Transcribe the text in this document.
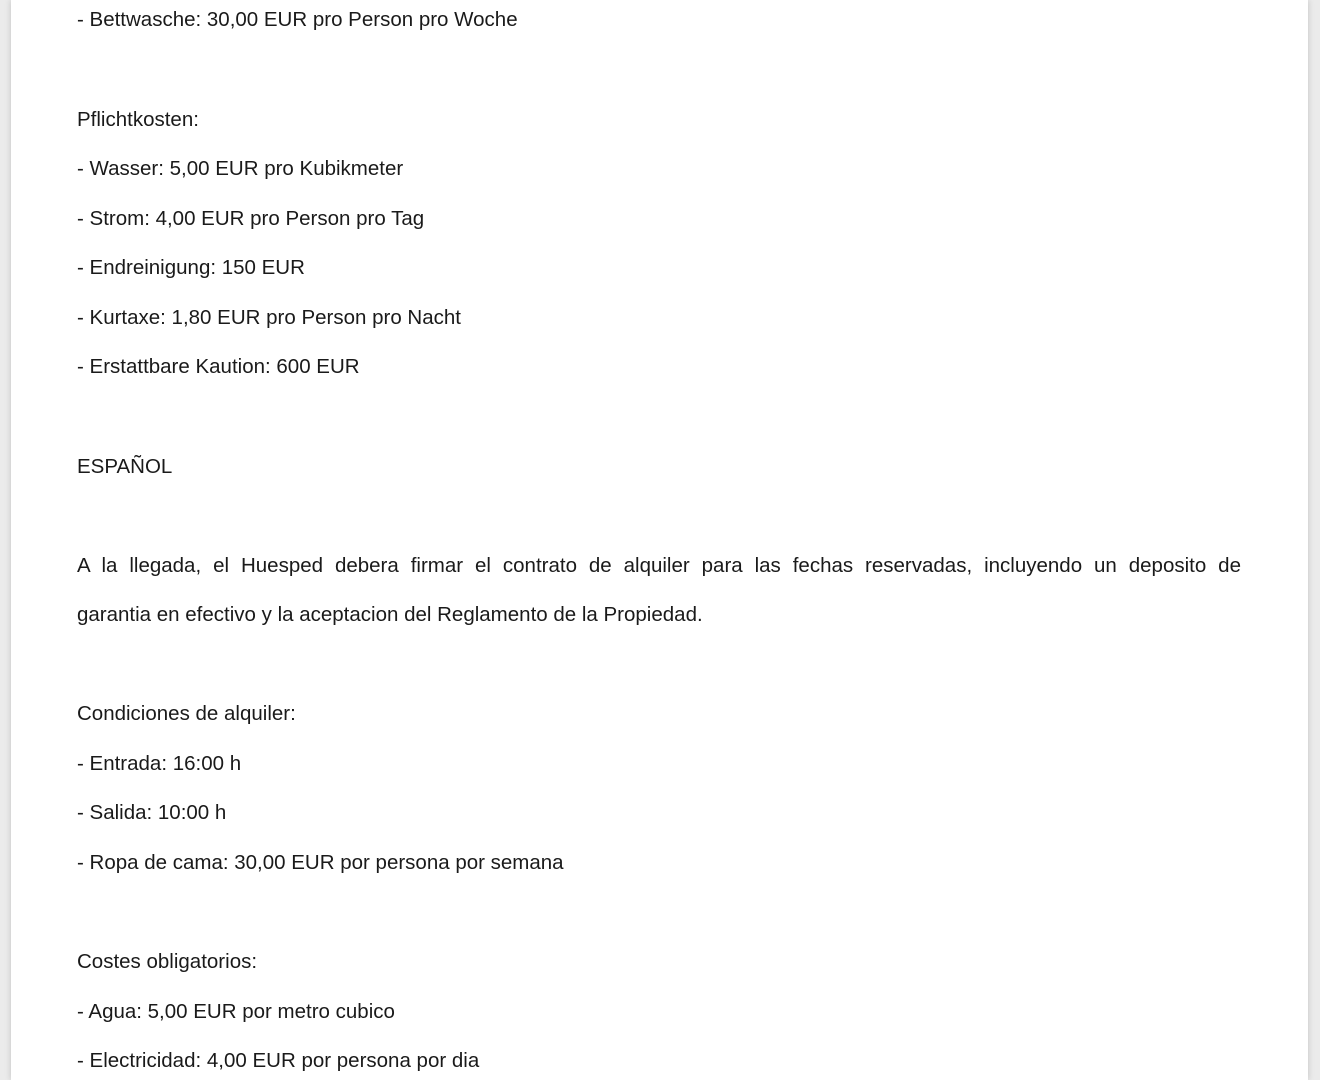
- Bettwasche: 30,00 EUR pro Person pro Woche

Pflichtkosten:

- Wasser: 5,00 EUR pro Kubikmeter

- Strom: 4,00 EUR pro Person pro Tag

- Endreinigung: 150 EUR

- Kurtaxe: 1,80 EUR pro Person pro Nacht

- Erstattbare Kaution: 600 EUR

ESPAÑOL

A la llegada, el Huesped debera firmar el contrato de alquiler para las fechas reservadas, incluyendo un deposito de

garantia en efectivo y la aceptacion del Reglamento de la Propiedad.

Condiciones de alquiler:

- Entrada: 16:00 h

- Salida: 10:00 h

- Ropa de cama: 30,00 EUR por persona por semana

Costes obligatorios:

- Agua: 5,00 EUR por metro cubico

- Electricidad: 4,00 EUR por persona por dia
